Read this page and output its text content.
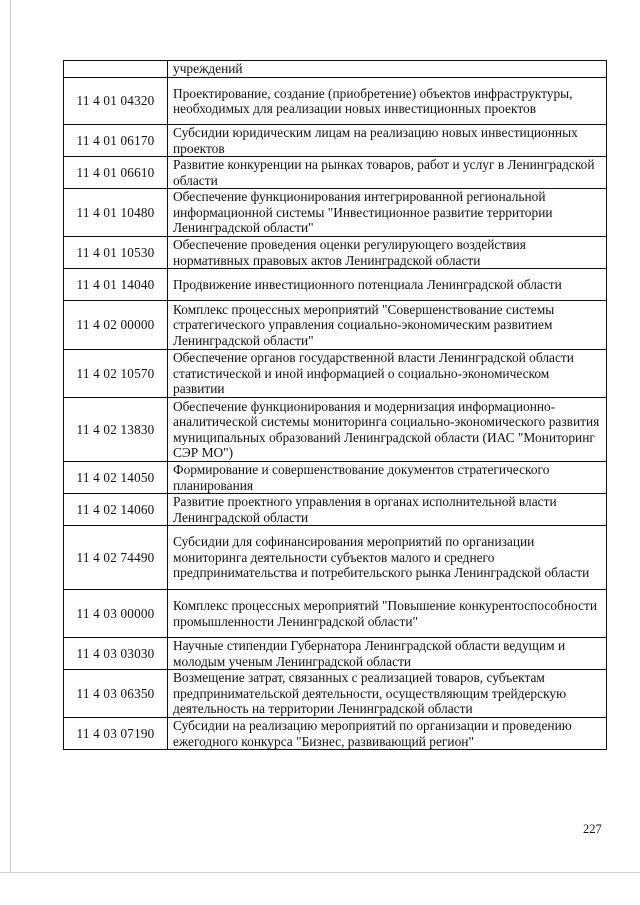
	учреждений
11 4 01 04320	Проектирование, создание (приобретение) объектов инфраструктуры, необходимых для реализации новых инвестиционных проектов
11 4 01 06170	Субсидии юридическим лицам на реализацию новых инвестиционных проектов
11 4 01 06610	Развитие конкуренции на рынках товаров, работ и услуг в Ленинградской области
11 4 01 10480	Обеспечение функционирования интегрированной региональной информационной системы "Инвестиционное развитие территории Ленинградской области"
11 4 01 10530	Обеспечение проведения оценки регулирующего воздействия нормативных правовых актов Ленинградской области
11 4 01 14040	Продвижение инвестиционного потенциала Ленинградской области
11 4 02 00000	Комплекс процессных мероприятий "Совершенствование системы стратегического управления социально-экономическим развитием Ленинградской области"
11 4 02 10570	Обеспечение органов государственной власти Ленинградской области статистической и иной информацией о социально-экономическом развитии
11 4 02 13830	Обеспечение функционирования и модернизация информационно-аналитической системы мониторинга социально-экономического развития муниципальных образований Ленинградской области (ИАС "Мониторинг СЭР МО")
11 4 02 14050	Формирование и совершенствование документов стратегического планирования
11 4 02 14060	Развитие проектного управления в органах исполнительной власти Ленинградской области
11 4 02 74490	Субсидии для софинансирования мероприятий по организации мониторинга деятельности субъектов малого и среднего предпринимательства и потребительского рынка Ленинградской области
11 4 03 00000	Комплекс процессных мероприятий "Повышение конкурентоспособности промышленности Ленинградской области"
11 4 03 03030	Научные стипендии Губернатора Ленинградской области ведущим и молодым ученым Ленинградской области
11 4 03 06350	Возмещение затрат, связанных с реализацией товаров, субъектам предпринимательской деятельности, осуществляющим трейдерскую деятельность на территории Ленинградской области
11 4 03 07190	Субсидии на реализацию мероприятий по организации и проведению ежегодного конкурса "Бизнес, развивающий регион"
227
